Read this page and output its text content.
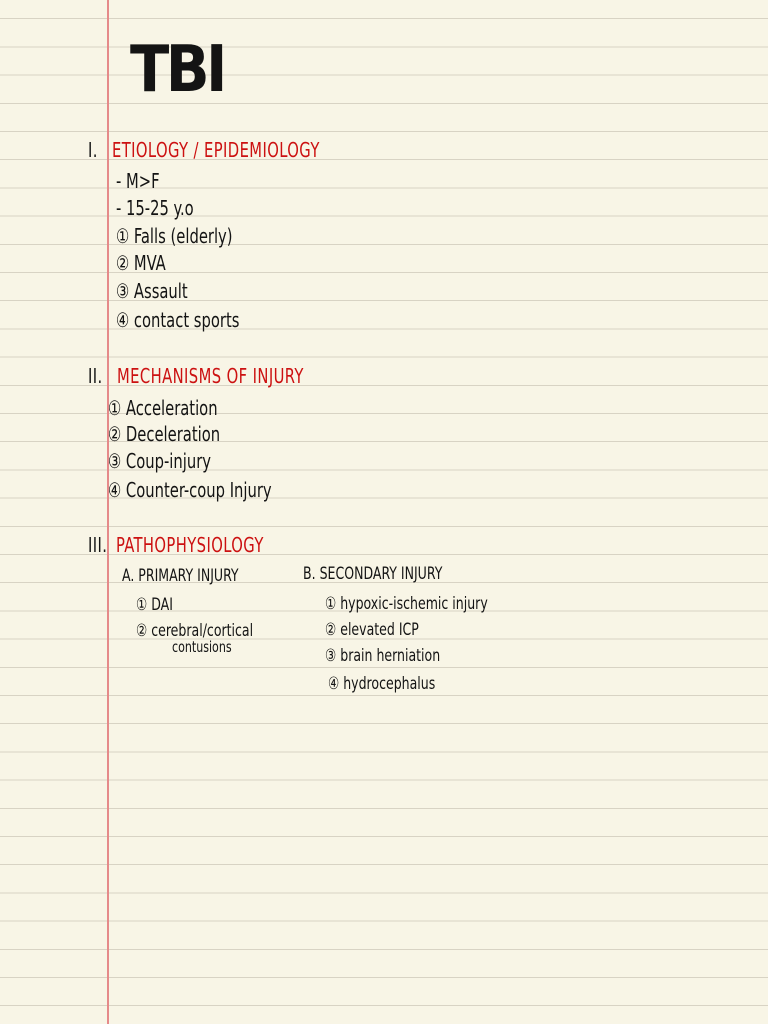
TBI
I. ETIOLOGY / EPIDEMIOLOGY
- M>F
- 15-25 y.o
① Falls (elderly)
② MVA
③ Assault
④ contact sports
II. MECHANISMS OF INJURY
① Acceleration
② Deceleration
③ Coup-injury
④ Counter-coup Injury
III. PATHOPHYSIOLOGY
A. PRIMARY INJURY
① DAI
② cerebral/cortical
contusions
B. SECONDARY INJURY
① hypoxic-ischemic injury
② elevated ICP
③ brain herniation
④ hydrocephalus
